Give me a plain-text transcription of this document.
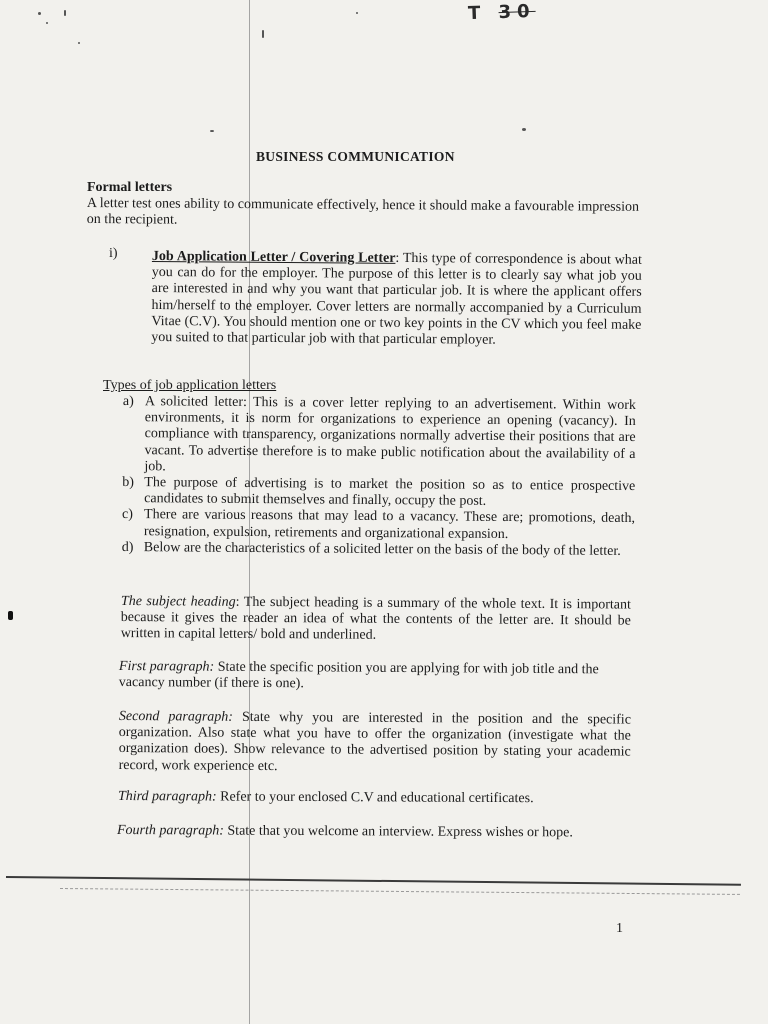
T 30
BUSINESS COMMUNICATION
Formal letters
A letter test ones ability to communicate effectively, hence it should make a favourable impression on the recipient.
i) Job Application Letter / Covering Letter: This type of correspondence is about what you can do for the employer. The purpose of this letter is to clearly say what job you are interested in and why you want that particular job. It is where the applicant offers him/herself to the employer. Cover letters are normally accompanied by a Curriculum Vitae (C.V). You should mention one or two key points in the CV which you feel make you suited to that particular job with that particular employer.
Types of job application letters
a) A solicited letter: This is a cover letter replying to an advertisement. Within work environments, it is norm for organizations to experience an opening (vacancy). In compliance with transparency, organizations normally advertise their positions that are vacant. To advertise therefore is to make public notification about the availability of a job.
b) The purpose of advertising is to market the position so as to entice prospective candidates to submit themselves and finally, occupy the post.
c) There are various reasons that may lead to a vacancy. These are; promotions, death, resignation, expulsion, retirements and organizational expansion.
d) Below are the characteristics of a solicited letter on the basis of the body of the letter.
The subject heading: The subject heading is a summary of the whole text. It is important because it gives the reader an idea of what the contents of the letter are. It should be written in capital letters/ bold and underlined.
First paragraph: State the specific position you are applying for with job title and the vacancy number (if there is one).
Second paragraph: State why you are interested in the position and the specific organization. Also state what you have to offer the organization (investigate what the organization does). Show relevance to the advertised position by stating your academic record, work experience etc.
Third paragraph: Refer to your enclosed C.V and educational certificates.
Fourth paragraph: State that you welcome an interview. Express wishes or hope.
1
